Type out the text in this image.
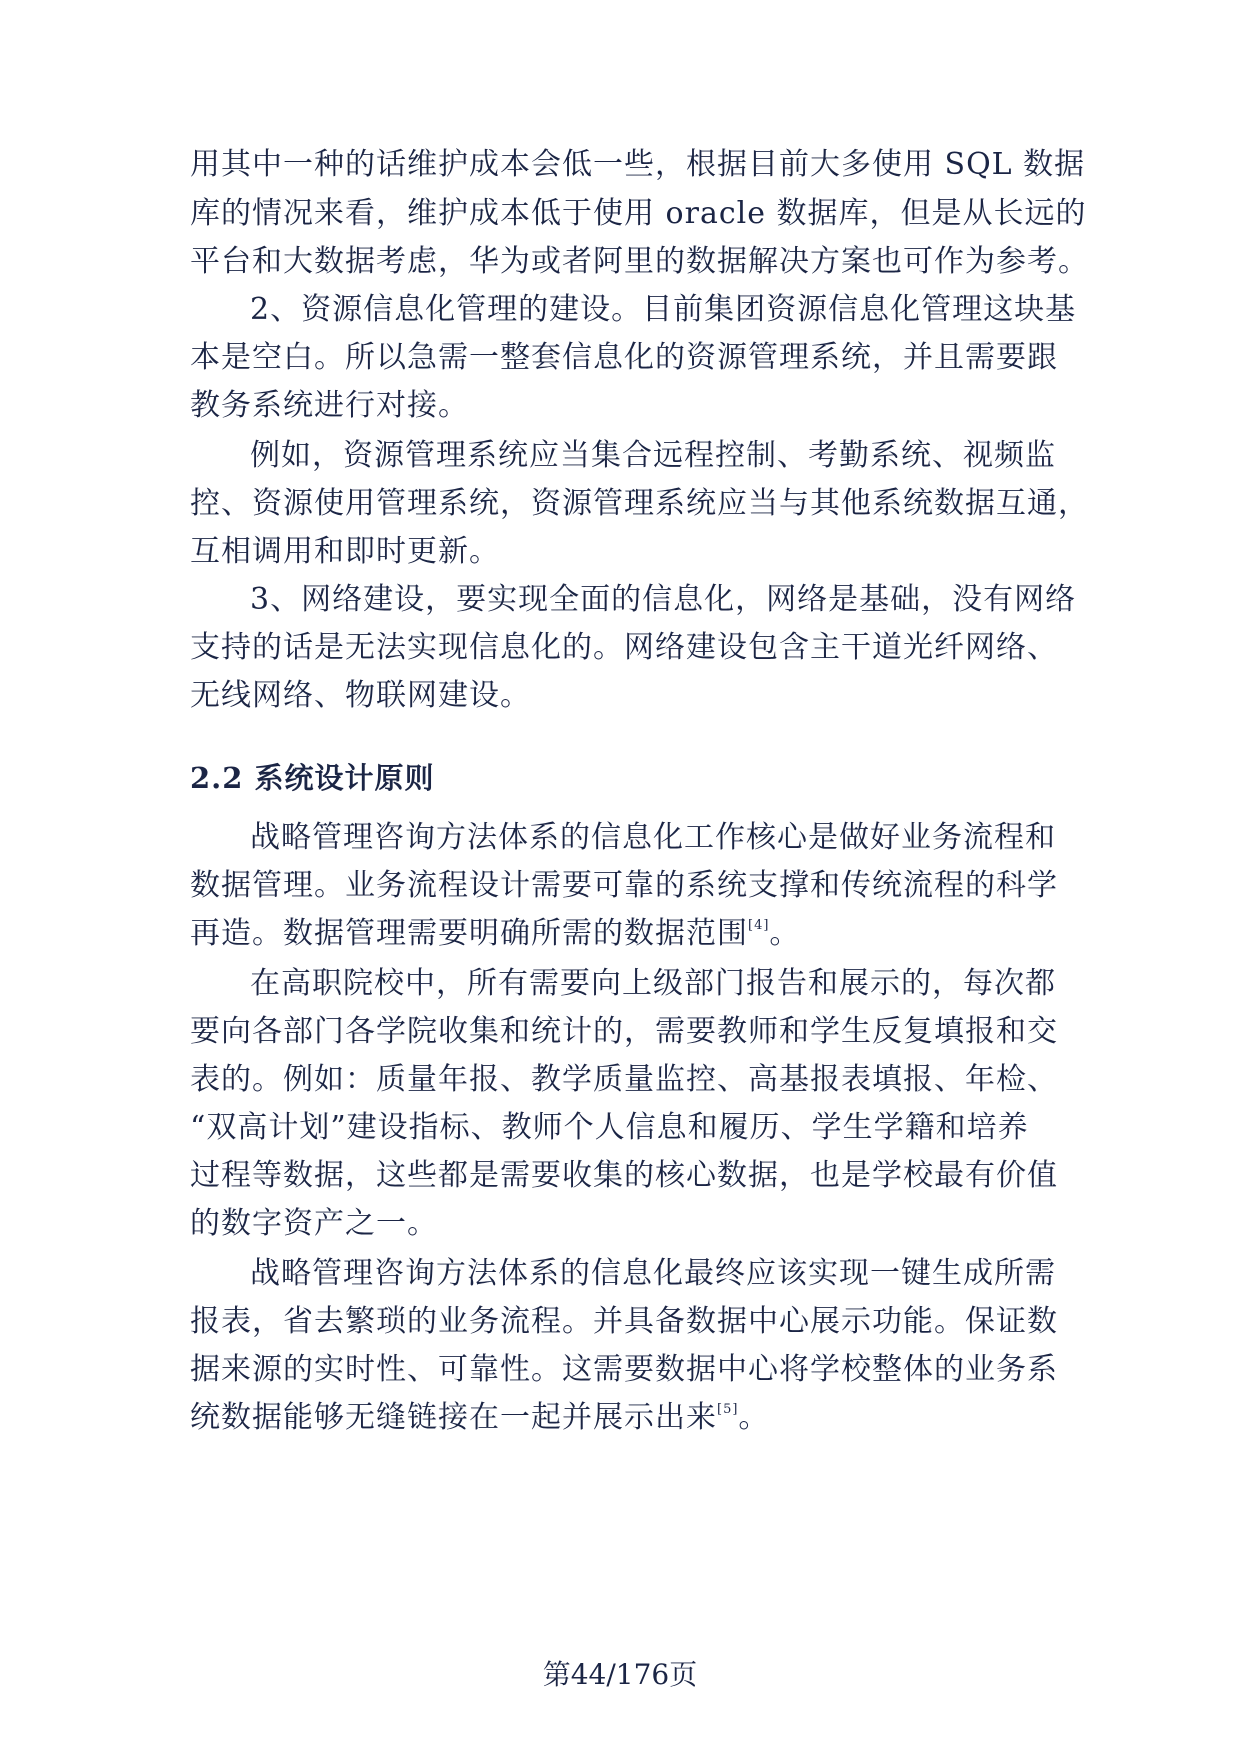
用其中一种的话维护成本会低一些，根据目前大多使用 SQL 数据
库的情况来看，维护成本低于使用 oracle 数据库，但是从长远的
平台和大数据考虑，华为或者阿里的数据解决方案也可作为参考。
2、资源信息化管理的建设。目前集团资源信息化管理这块基
本是空白。所以急需一整套信息化的资源管理系统，并且需要跟
教务系统进行对接。
例如，资源管理系统应当集合远程控制、考勤系统、视频监
控、资源使用管理系统，资源管理系统应当与其他系统数据互通，
互相调用和即时更新。
3、网络建设，要实现全面的信息化，网络是基础，没有网络
支持的话是无法实现信息化的。网络建设包含主干道光纤网络、
无线网络、物联网建设。
2.2 系统设计原则
战略管理咨询方法体系的信息化工作核心是做好业务流程和
数据管理。业务流程设计需要可靠的系统支撑和传统流程的科学
再造。数据管理需要明确所需的数据范围[4]。
在高职院校中，所有需要向上级部门报告和展示的，每次都
要向各部门各学院收集和统计的，需要教师和学生反复填报和交
表的。例如：质量年报、教学质量监控、高基报表填报、年检、
“双高计划”建设指标、教师个人信息和履历、学生学籍和培养
过程等数据，这些都是需要收集的核心数据，也是学校最有价值
的数字资产之一。
战略管理咨询方法体系的信息化最终应该实现一键生成所需
报表，省去繁琐的业务流程。并具备数据中心展示功能。保证数
据来源的实时性、可靠性。这需要数据中心将学校整体的业务系
统数据能够无缝链接在一起并展示出来[5]。
第44/176页
